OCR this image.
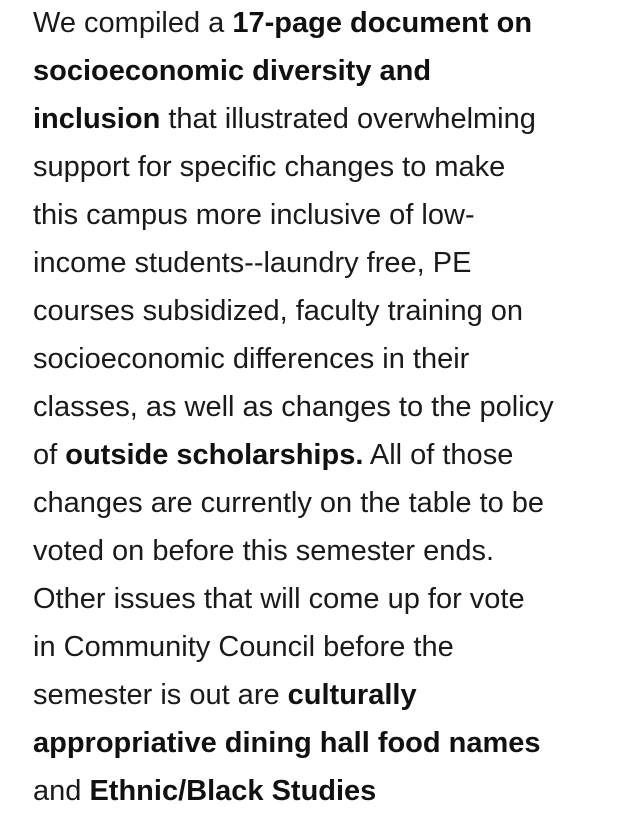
We compiled a 17-page document on
socioeconomic diversity and
inclusion that illustrated overwhelming
support for specific changes to make
this campus more inclusive of low-
income students--laundry free, PE
courses subsidized, faculty training on
socioeconomic differences in their
classes, as well as changes to the policy
of outside scholarships. All of those
changes are currently on the table to be
voted on before this semester ends.
Other issues that will come up for vote
in Community Council before the
semester is out are culturally
appropriative dining hall food names
and Ethnic/Black Studies
